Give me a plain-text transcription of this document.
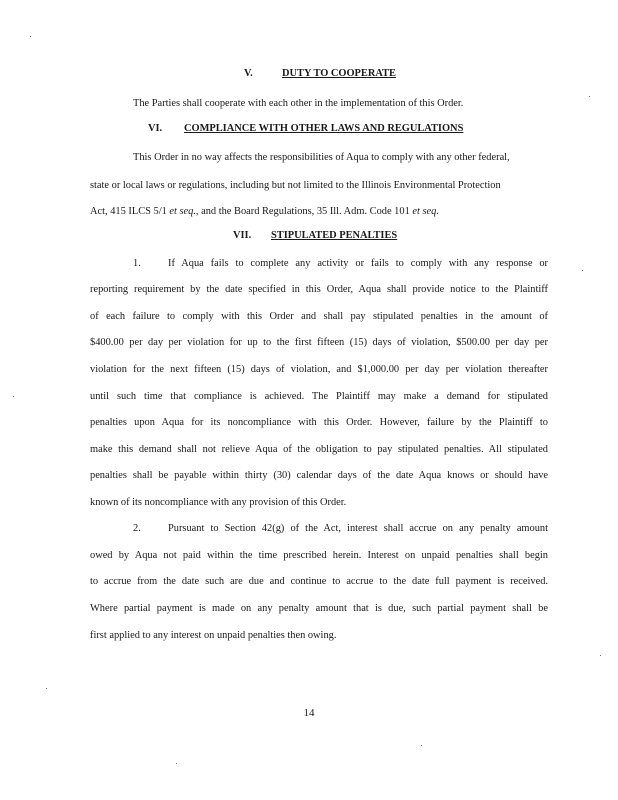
V.	DUTY TO COOPERATE
The Parties shall cooperate with each other in the implementation of this Order.
VI. COMPLIANCE WITH OTHER LAWS AND REGULATIONS
This Order in no way affects the responsibilities of Aqua to comply with any other federal,
state or local laws or regulations, including but not limited to the Illinois Environmental Protection
Act, 415 ILCS 5/1 et seq., and the Board Regulations, 35 Ill. Adm. Code 101 et seq.
VII. STIPULATED PENALTIES
1.	If Aqua fails to complete any activity or fails to comply with any response or
reporting requirement by the date specified in this Order, Aqua shall provide notice to the Plaintiff
of each failure to comply with this Order and shall pay stipulated penalties in the amount of
$400.00 per day per violation for up to the first fifteen (15) days of violation, $500.00 per day per
violation for the next fifteen (15) days of violation, and $1,000.00 per day per violation thereafter
until such time that compliance is achieved. The Plaintiff may make a demand for stipulated
penalties upon Aqua for its noncompliance with this Order. However, failure by the Plaintiff to
make this demand shall not relieve Aqua of the obligation to pay stipulated penalties. All stipulated
penalties shall be payable within thirty (30) calendar days of the date Aqua knows or should have
known of its noncompliance with any provision of this Order.
2.	Pursuant to Section 42(g) of the Act, interest shall accrue on any penalty amount
owed by Aqua not paid within the time prescribed herein. Interest on unpaid penalties shall begin
to accrue from the date such are due and continue to accrue to the date full payment is received.
Where partial payment is made on any penalty amount that is due, such partial payment shall be
first applied to any interest on unpaid penalties then owing.
14
